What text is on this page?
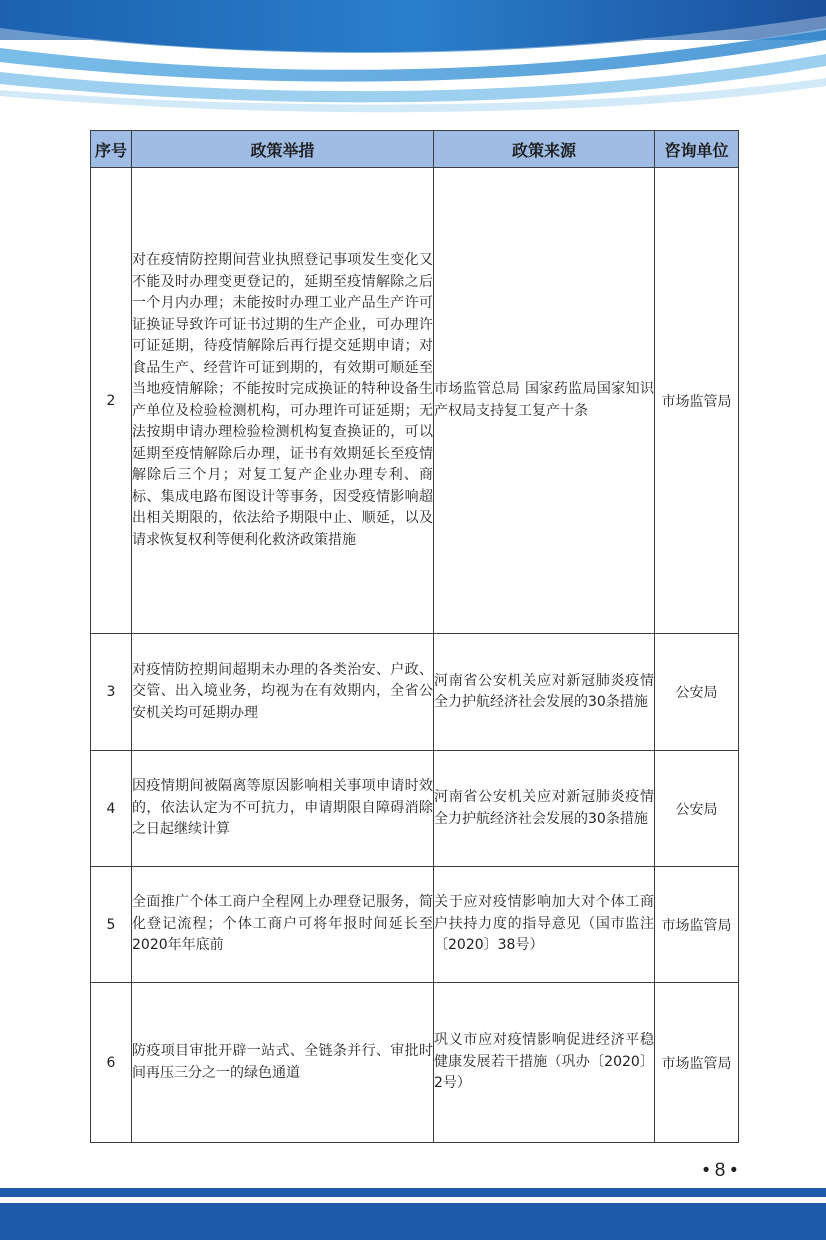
序号	政策举措	政策来源	咨询单位
2	对在疫情防控期间营业执照登记事项发生变化又不能及时办理变更登记的，延期至疫情解除之后一个月内办理；未能按时办理工业产品生产许可证换证导致许可证书过期的生产企业，可办理许可证延期，待疫情解除后再行提交延期申请；对食品生产、经营许可证到期的，有效期可顺延至当地疫情解除；不能按时完成换证的特种设备生产单位及检验检测机构，可办理许可证延期；无法按期申请办理检验检测机构复查换证的，可以延期至疫情解除后办理，证书有效期延长至疫情解除后三个月；对复工复产企业办理专利、商标、集成电路布图设计等事务，因受疫情影响超出相关期限的，依法给予期限中止、顺延，以及请求恢复权利等便利化救济政策措施	市场监管总局 国家药监局国家知识产权局支持复工复产十条	市场监管局
3	对疫情防控期间超期未办理的各类治安、户政、交管、出入境业务，均视为在有效期内，全省公安机关均可延期办理	河南省公安机关应对新冠肺炎疫情全力护航经济社会发展的30条措施	公安局
4	因疫情期间被隔离等原因影响相关事项申请时效的，依法认定为不可抗力，申请期限自障碍消除之日起继续计算	河南省公安机关应对新冠肺炎疫情全力护航经济社会发展的30条措施	公安局
5	全面推广个体工商户全程网上办理登记服务，简化登记流程；个体工商户可将年报时间延长至2020年年底前	关于应对疫情影响加大对个体工商户扶持力度的指导意见（国市监注〔2020〕38号）	市场监管局
6	防疫项目审批开辟一站式、全链条并行、审批时间再压三分之一的绿色通道	巩义市应对疫情影响促进经济平稳健康发展若干措施（巩办〔2020〕2号）	市场监管局
• 8 •
